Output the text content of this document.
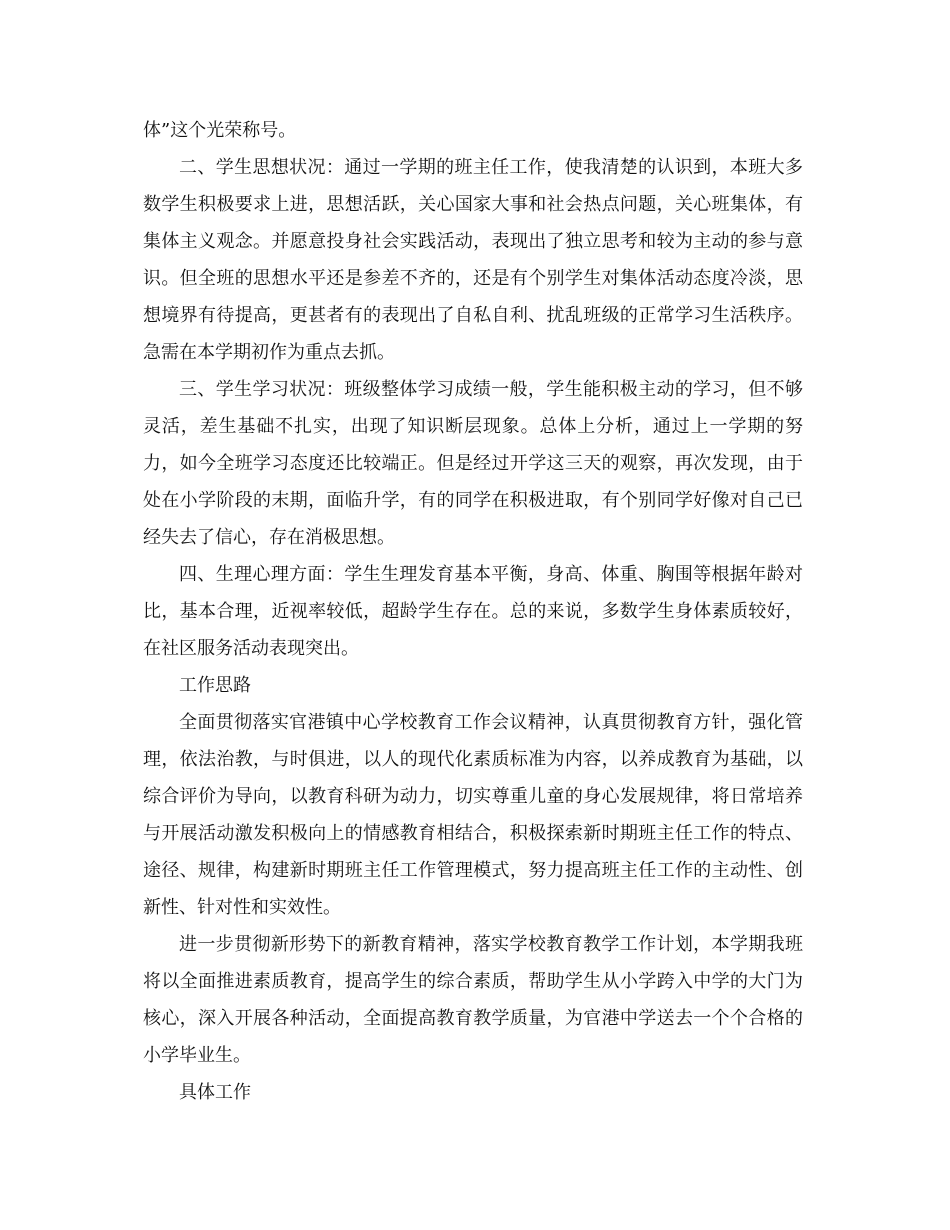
体”这个光荣称号。

二、学生思想状况：通过一学期的班主任工作，使我清楚的认识到，本班大多数学生积极要求上进，思想活跃，关心国家大事和社会热点问题，关心班集体，有集体主义观念。并愿意投身社会实践活动，表现出了独立思考和较为主动的参与意识。但全班的思想水平还是参差不齐的，还是有个别学生对集体活动态度冷淡，思想境界有待提高，更甚者有的表现出了自私自利、扰乱班级的正常学习生活秩序。急需在本学期初作为重点去抓。

三、学生学习状况：班级整体学习成绩一般，学生能积极主动的学习，但不够灵活，差生基础不扎实，出现了知识断层现象。总体上分析，通过上一学期的努力，如今全班学习态度还比较端正。但是经过开学这三天的观察，再次发现，由于处在小学阶段的末期，面临升学，有的同学在积极进取，有个别同学好像对自己已经失去了信心，存在消极思想。

四、生理心理方面：学生生理发育基本平衡，身高、体重、胸围等根据年龄对比，基本合理，近视率较低，超龄学生存在。总的来说，多数学生身体素质较好，在社区服务活动表现突出。

工作思路

全面贯彻落实官港镇中心学校教育工作会议精神，认真贯彻教育方针，强化管理，依法治教，与时俱进，以人的现代化素质标准为内容，以养成教育为基础，以综合评价为导向，以教育科研为动力，切实尊重儿童的身心发展规律，将日常培养与开展活动激发积极向上的情感教育相结合，积极探索新时期班主任工作的特点、途径、规律，构建新时期班主任工作管理模式，努力提高班主任工作的主动性、创新性、针对性和实效性。

进一步贯彻新形势下的新教育精神，落实学校教育教学工作计划，本学期我班将以全面推进素质教育，提高学生的综合素质，帮助学生从小学跨入中学的大门为核心，深入开展各种活动，全面提高教育教学质量，为官港中学送去一个个合格的小学毕业生。

具体工作
